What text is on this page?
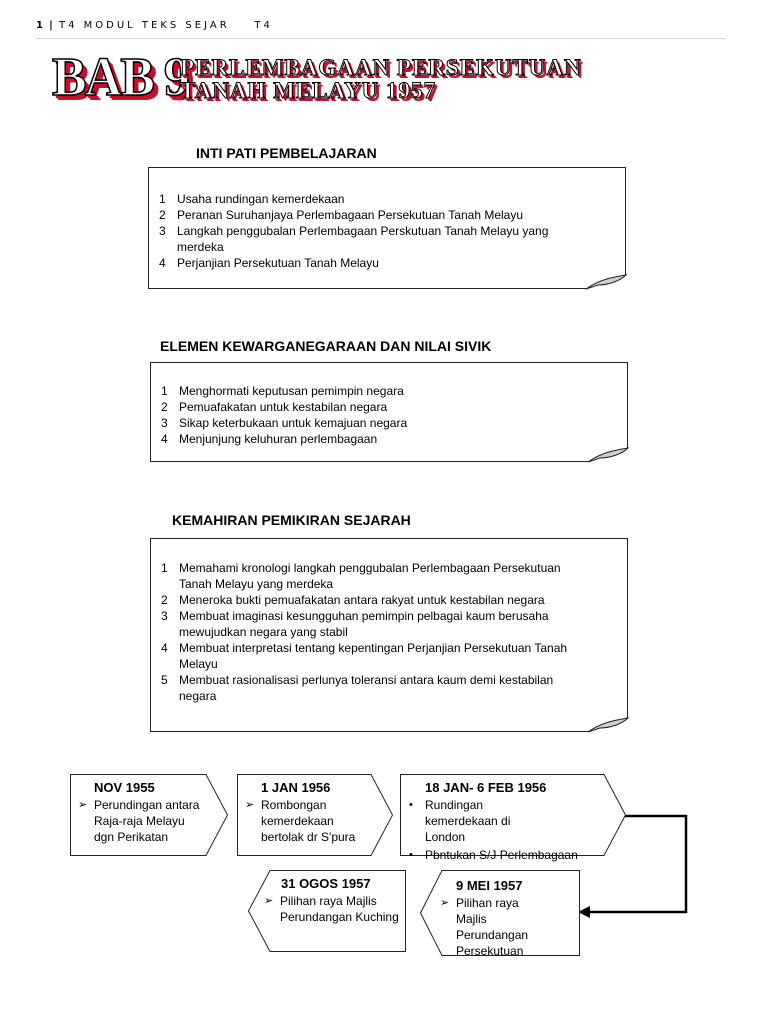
1 | T4 MODUL TEKS SEJAR    T4
BAB 9
PERLEMBAGAAN PERSEKUTUAN
TANAH MELAYU 1957
INTI PATI PEMBELAJARAN
1 Usaha rundingan kemerdekaan
2 Peranan Suruhanjaya Perlembagaan Persekutuan Tanah Melayu
3 Langkah penggubalan Perlembagaan Perskutuan Tanah Melayu yang merdeka
4 Perjanjian Persekutuan Tanah Melayu
ELEMEN KEWARGANEGARAAN DAN NILAI SIVIK
1 Menghormati keputusan pemimpin negara
2 Pemuafakatan untuk kestabilan negara
3 Sikap keterbukaan untuk kemajuan negara
4 Menjunjung keluhuran perlembagaan
KEMAHIRAN PEMIKIRAN SEJARAH
1 Memahami kronologi langkah penggubalan Perlembagaan Persekutuan Tanah Melayu yang merdeka
2 Meneroka bukti pemuafakatan antara rakyat untuk kestabilan negara
3 Membuat imaginasi kesungguhan pemimpin pelbagai kaum berusaha mewujudkan negara yang stabil
4 Membuat interpretasi tentang kepentingan Perjanjian Persekutuan Tanah Melayu
5 Membuat rasionalisasi perlunya toleransi antara kaum demi kestabilan negara
NOV 1955
➢ Perundingan antara Raja-raja Melayu dgn Perikatan
1 JAN 1956
➢ Rombongan kemerdekaan bertolak dr S'pura
18 JAN- 6 FEB 1956
•	Rundingan kemerdekaan di London
•	Pbntukan S/J Perlembagaan
31 OGOS 1957
➢ Pilihan raya Majlis Perundangan Kuching
9 MEI 1957
➢ Pilihan raya Majlis Perundangan Persekutuan
